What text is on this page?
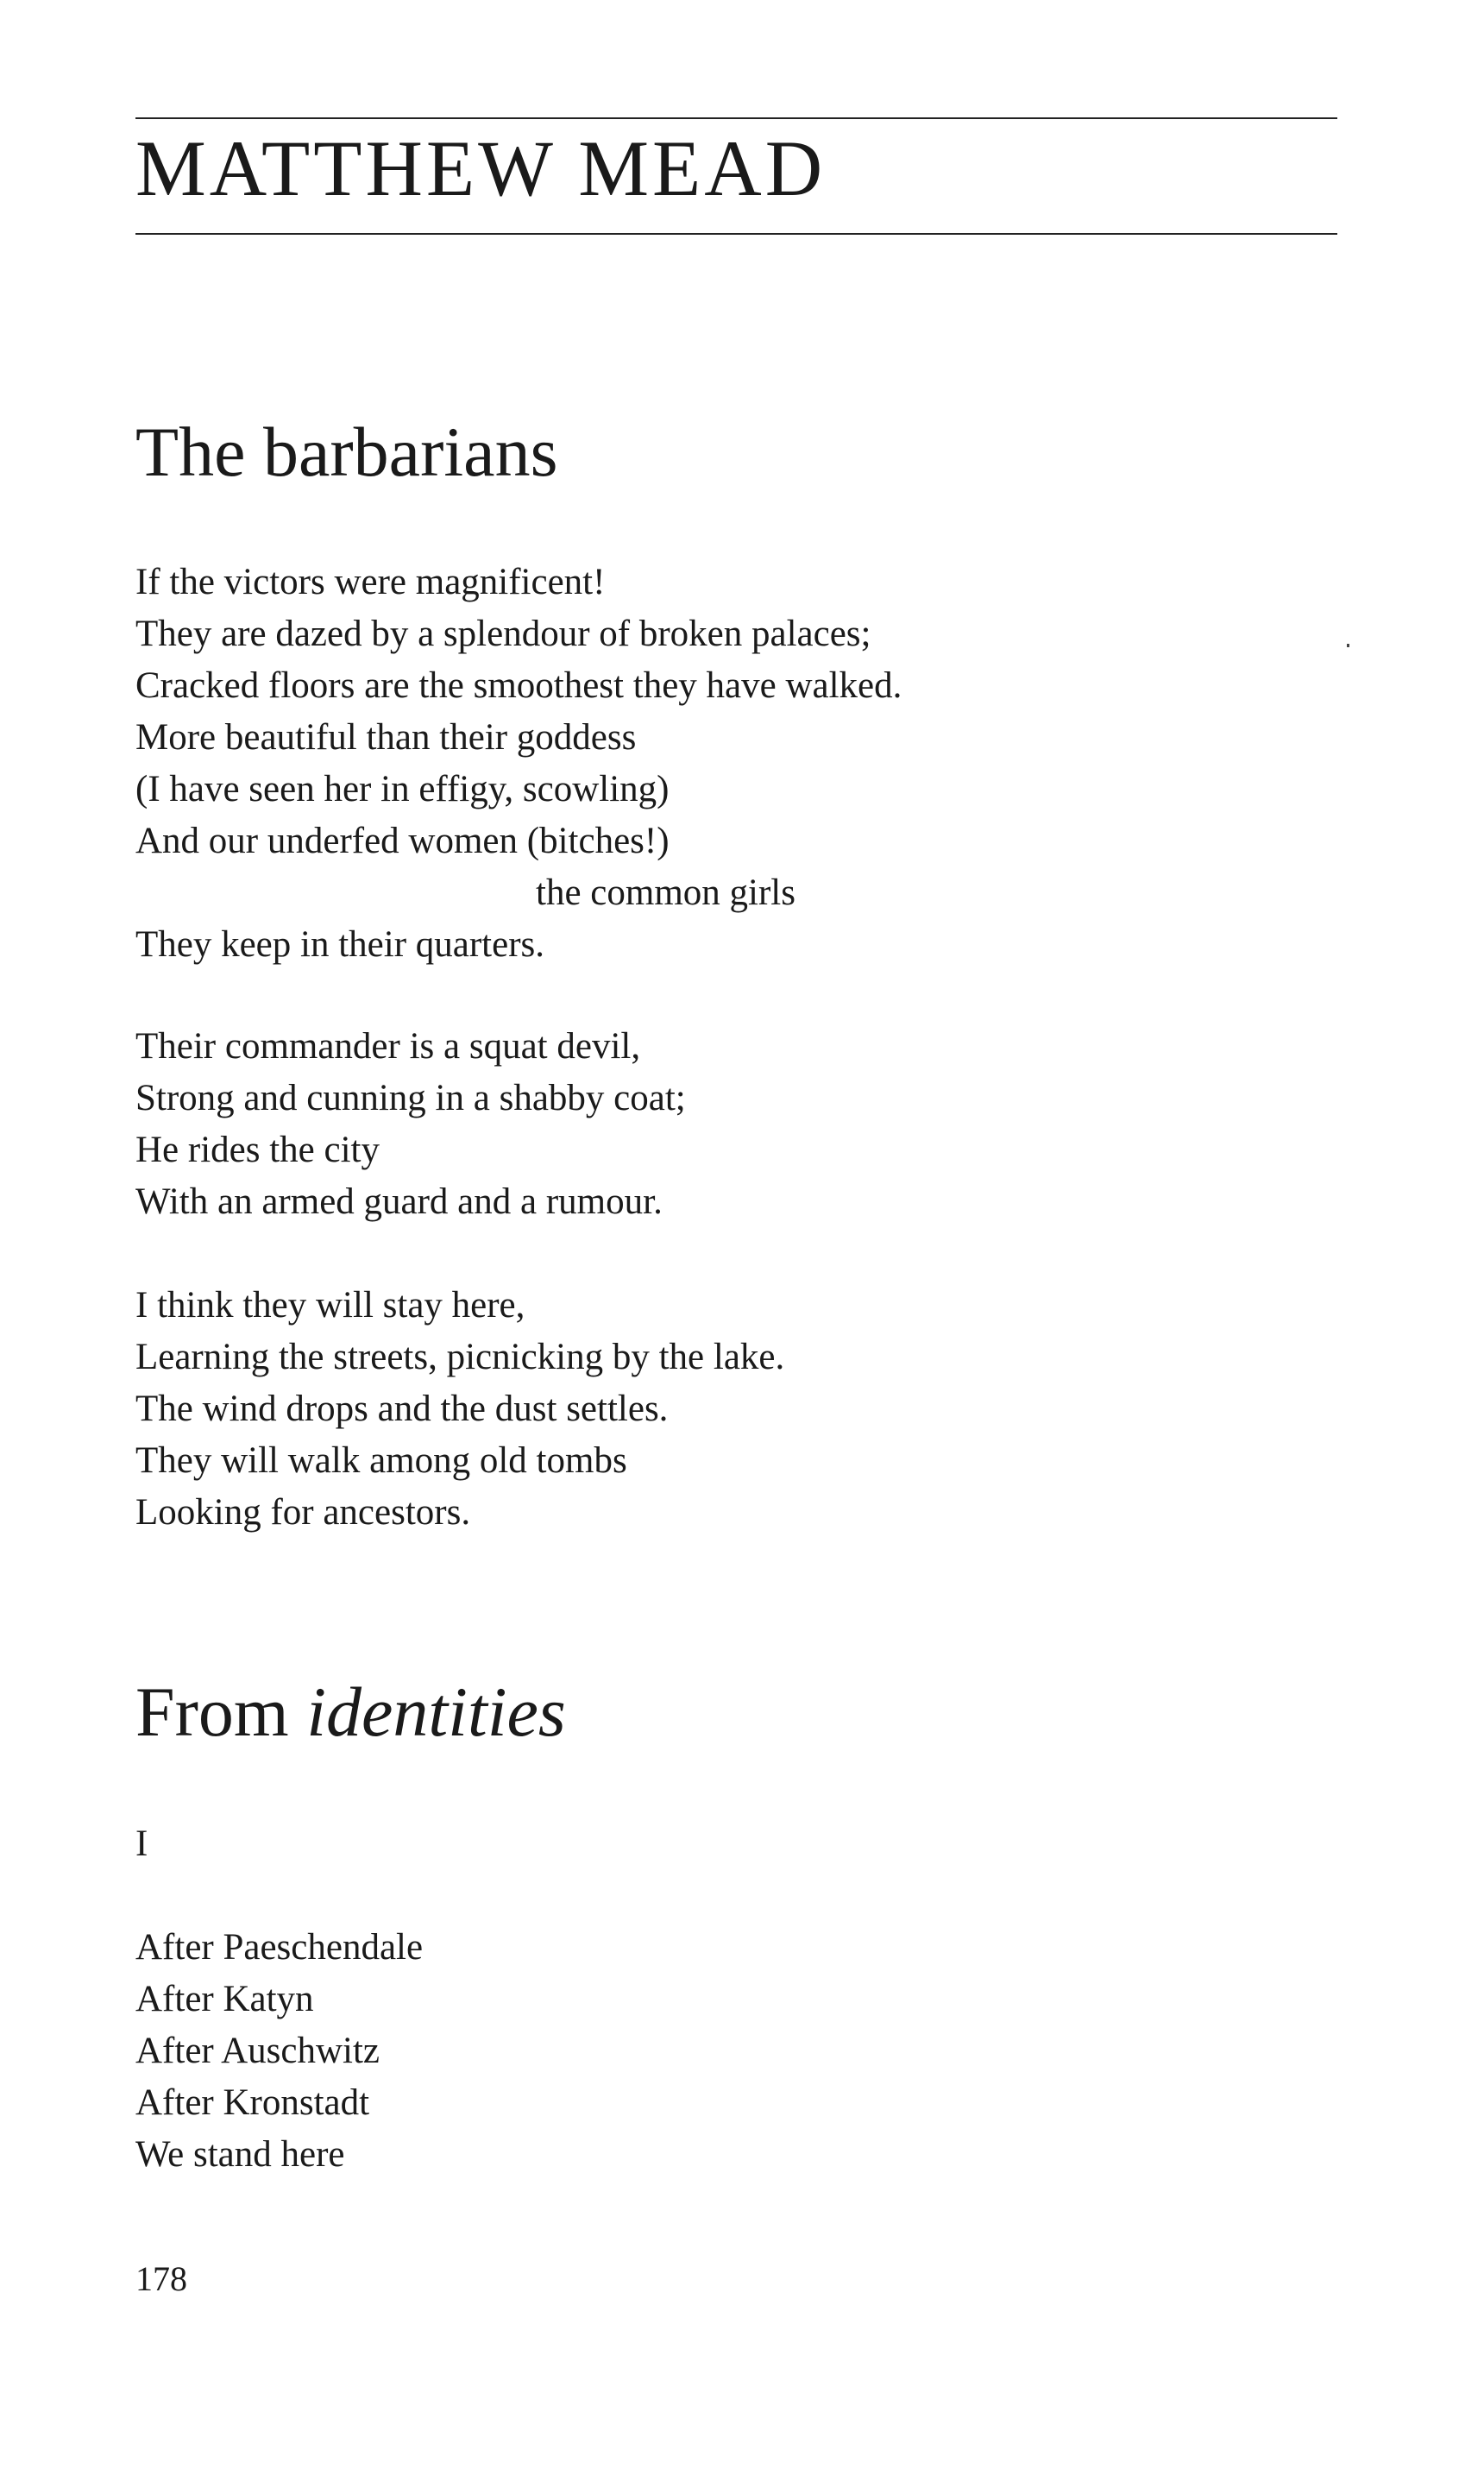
MATTHEW MEAD
The barbarians
If the victors were magnificent!
They are dazed by a splendour of broken palaces;
Cracked floors are the smoothest they have walked.
More beautiful than their goddess
(I have seen her in effigy, scowling)
And our underfed women (bitches!)
the common girls
They keep in their quarters.
Their commander is a squat devil,
Strong and cunning in a shabby coat;
He rides the city
With an armed guard and a rumour.
I think they will stay here,
Learning the streets, picnicking by the lake.
The wind drops and the dust settles.
They will walk among old tombs
Looking for ancestors.
From identities
I
After Paeschendale
After Katyn
After Auschwitz
After Kronstadt
We stand here
178
